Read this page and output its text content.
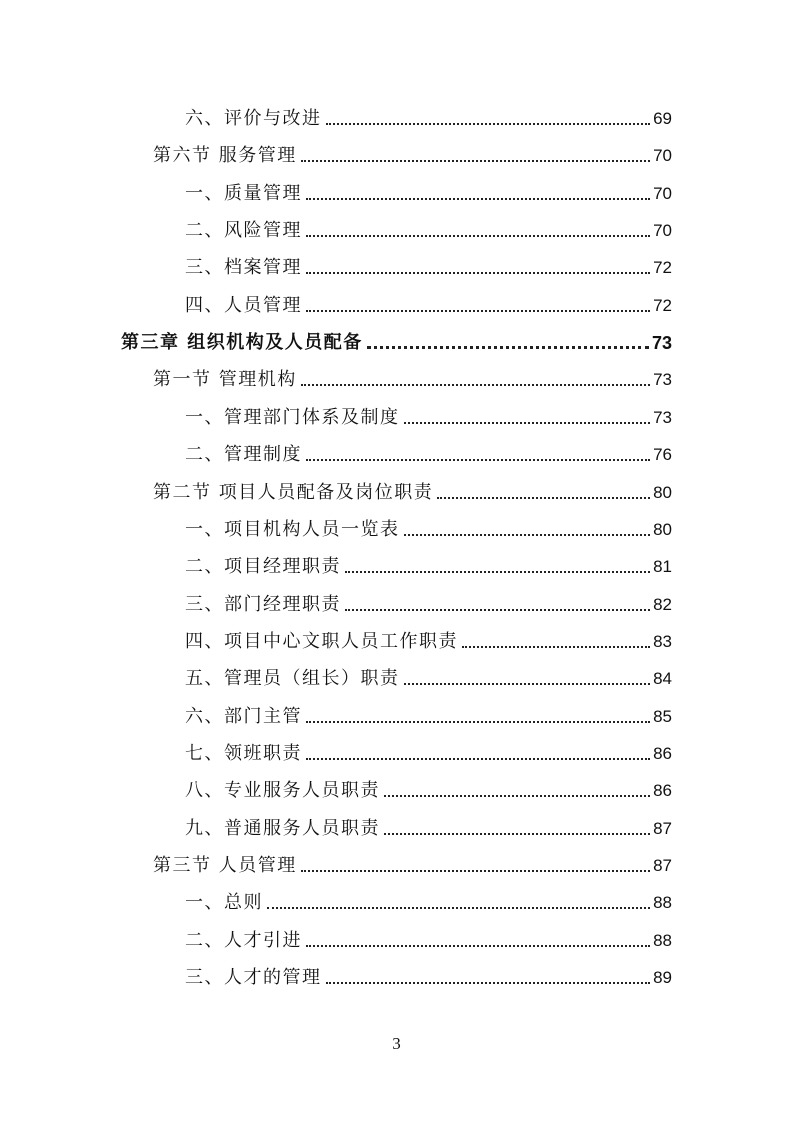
六、评价与改进	69
第六节 服务管理	70
一、质量管理	70
二、风险管理	70
三、档案管理	72
四、人员管理	72
第三章 组织机构及人员配备	73
第一节 管理机构	73
一、管理部门体系及制度	73
二、管理制度	76
第二节 项目人员配备及岗位职责	80
一、项目机构人员一览表	80
二、项目经理职责	81
三、部门经理职责	82
四、项目中心文职人员工作职责	83
五、管理员（组长）职责	84
六、部门主管	85
七、领班职责	86
八、专业服务人员职责	86
九、普通服务人员职责	87
第三节 人员管理	87
一、总则	88
二、人才引进	88
三、人才的管理	89
3
